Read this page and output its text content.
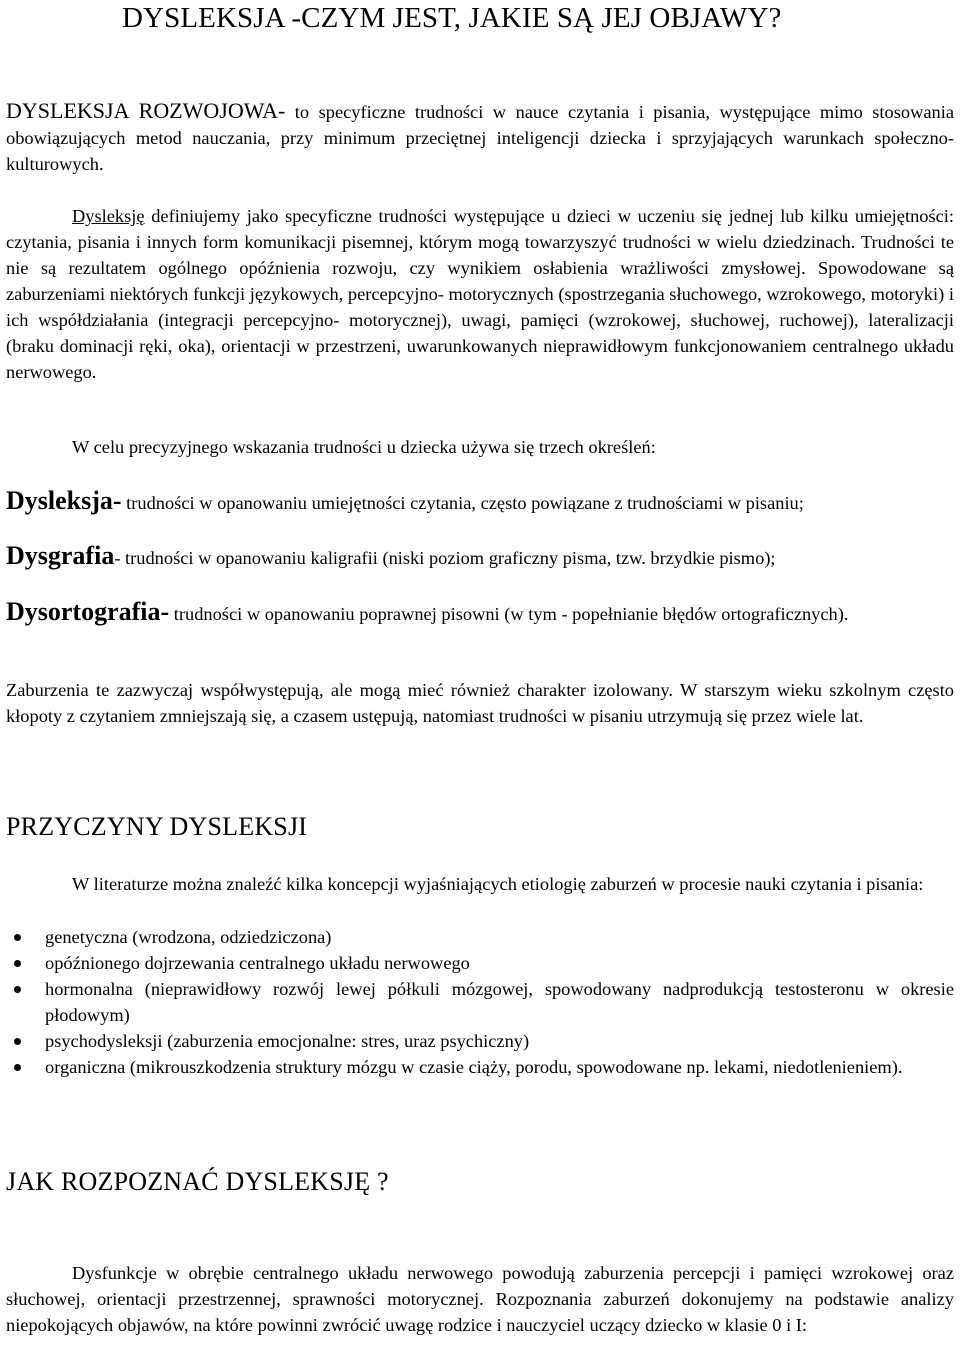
DYSLEKSJA -CZYM JEST, JAKIE SĄ JEJ OBJAWY?

DYSLEKSJA ROZWOJOWA- to specyficzne trudności w nauce czytania i pisania, występujące mimo stosowania obowiązujących metod nauczania, przy minimum przeciętnej inteligencji dziecka i sprzyjających warunkach społeczno- kulturowych.

Dysleksję definiujemy jako specyficzne trudności występujące u dzieci w uczeniu się jednej lub kilku umiejętności: czytania, pisania i innych form komunikacji pisemnej, którym mogą towarzyszyć trudności w wielu dziedzinach. Trudności te nie są rezultatem ogólnego opóźnienia rozwoju, czy wynikiem osłabienia wrażliwości zmysłowej. Spowodowane są zaburzeniami niektórych funkcji językowych, percepcyjno- motorycznych (spostrzegania słuchowego, wzrokowego, motoryki) i ich współdziałania (integracji percepcyjno- motorycznej), uwagi, pamięci (wzrokowej, słuchowej, ruchowej), lateralizacji (braku dominacji ręki, oka), orientacji w przestrzeni, uwarunkowanych nieprawidłowym funkcjonowaniem centralnego układu nerwowego.

W celu precyzyjnego wskazania trudności u dziecka używa się trzech określeń:

Dysleksja- trudności w opanowaniu umiejętności czytania, często powiązane z trudnościami w pisaniu;

Dysgrafia- trudności w opanowaniu kaligrafii (niski poziom graficzny pisma, tzw. brzydkie pismo);

Dysortografia- trudności w opanowaniu poprawnej pisowni (w tym - popełnianie błędów ortograficznych).

Zaburzenia te zazwyczaj współwystępują, ale mogą mieć również charakter izolowany. W starszym wieku szkolnym często kłopoty z czytaniem zmniejszają się, a czasem ustępują, natomiast trudności w pisaniu utrzymują się przez wiele lat.

PRZYCZYNY DYSLEKSJI

W literaturze można znaleźć kilka koncepcji wyjaśniających etiologię zaburzeń w procesie nauki czytania i pisania:

genetyczna (wrodzona, odziedziczona)
opóźnionego dojrzewania centralnego układu nerwowego
hormonalna (nieprawidłowy rozwój lewej półkuli mózgowej, spowodowany nadprodukcją testosteronu w okresie płodowym)
psychodysleksji (zaburzenia emocjonalne: stres, uraz psychiczny)
organiczna (mikrouszkodzenia struktury mózgu w czasie ciąży, porodu, spowodowane np. lekami, niedotlenieniem).
JAK ROZPOZNAĆ DYSLEKSJĘ ?

Dysfunkcje w obrębie centralnego układu nerwowego powodują zaburzenia percepcji i pamięci wzrokowej oraz słuchowej, orientacji przestrzennej, sprawności motorycznej. Rozpoznania zaburzeń dokonujemy na podstawie analizy niepokojących objawów, na które powinni zwrócić uwagę rodzice i nauczyciel uczący dziecko w klasie 0 i I:
